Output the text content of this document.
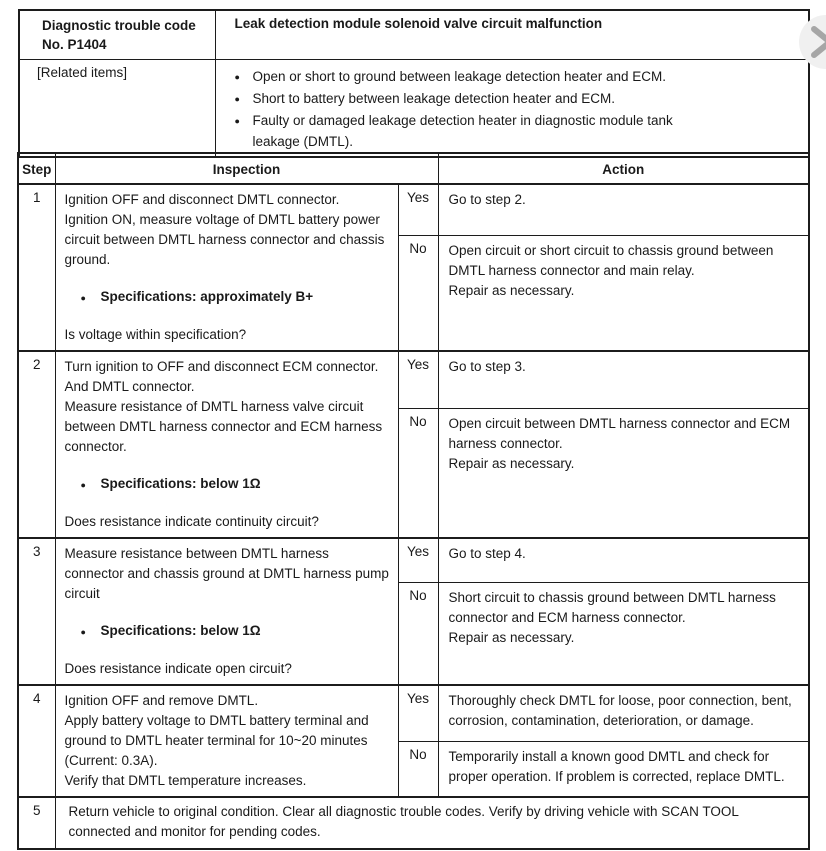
Diagnostic trouble code

No. P1404	Leak detection module solenoid valve circuit malfunction
[Related items]	● Open or short to ground between leakage detection heater and ECM.

● Short to battery between leakage detection heater and ECM.

● Faulty or damaged leakage detection heater in diagnostic module tank leakage (DMTL).

Step	Inspection		Action
1	Ignition OFF and disconnect DMTL connector.

Ignition ON, measure voltage of DMTL battery power circuit between DMTL harness connector and chassis ground.

● Specifications: approximately B+

Is voltage within specification?	Yes	Go to step 2.

		No	Open circuit or short circuit to chassis ground between DMTL harness connector and main relay.

Repair as necessary.

2	Turn ignition to OFF and disconnect ECM connector.

And DMTL connector.

Measure resistance of DMTL harness valve circuit between DMTL harness connector and ECM harness connector.

●	Specifications: below 1Ω

Does resistance indicate continuity circuit?

	Yes	Go to step 3.

		No	Open circuit between DMTL harness connector and ECM harness connector.

Repair as necessary.

3	Measure resistance between DMTL harness connector and chassis ground at DMTL harness pump circuit

● Specifications: below 1Ω

Does resistance indicate open circuit?	Yes	Go to step 4.

		No	Short circuit to chassis ground between DMTL harness connector and ECM harness connector.

Repair as necessary.

4	Ignition OFF and remove DMTL.

Apply battery voltage to DMTL battery terminal and ground to DMTL heater terminal for 10~20 minutes (Current: 0.3A).

Verify that DMTL temperature increases.	Yes	Thoroughly check DMTL for loose, poor connection, bent, corrosion, contamination, deterioration, or damage.

		No	Temporarily install a known good DMTL and check for proper operation. If problem is corrected, replace DMTL.

5	Return vehicle to original condition. Clear all diagnostic trouble codes. Verify by driving vehicle with SCAN TOOL connected and monitor for pending codes.		
